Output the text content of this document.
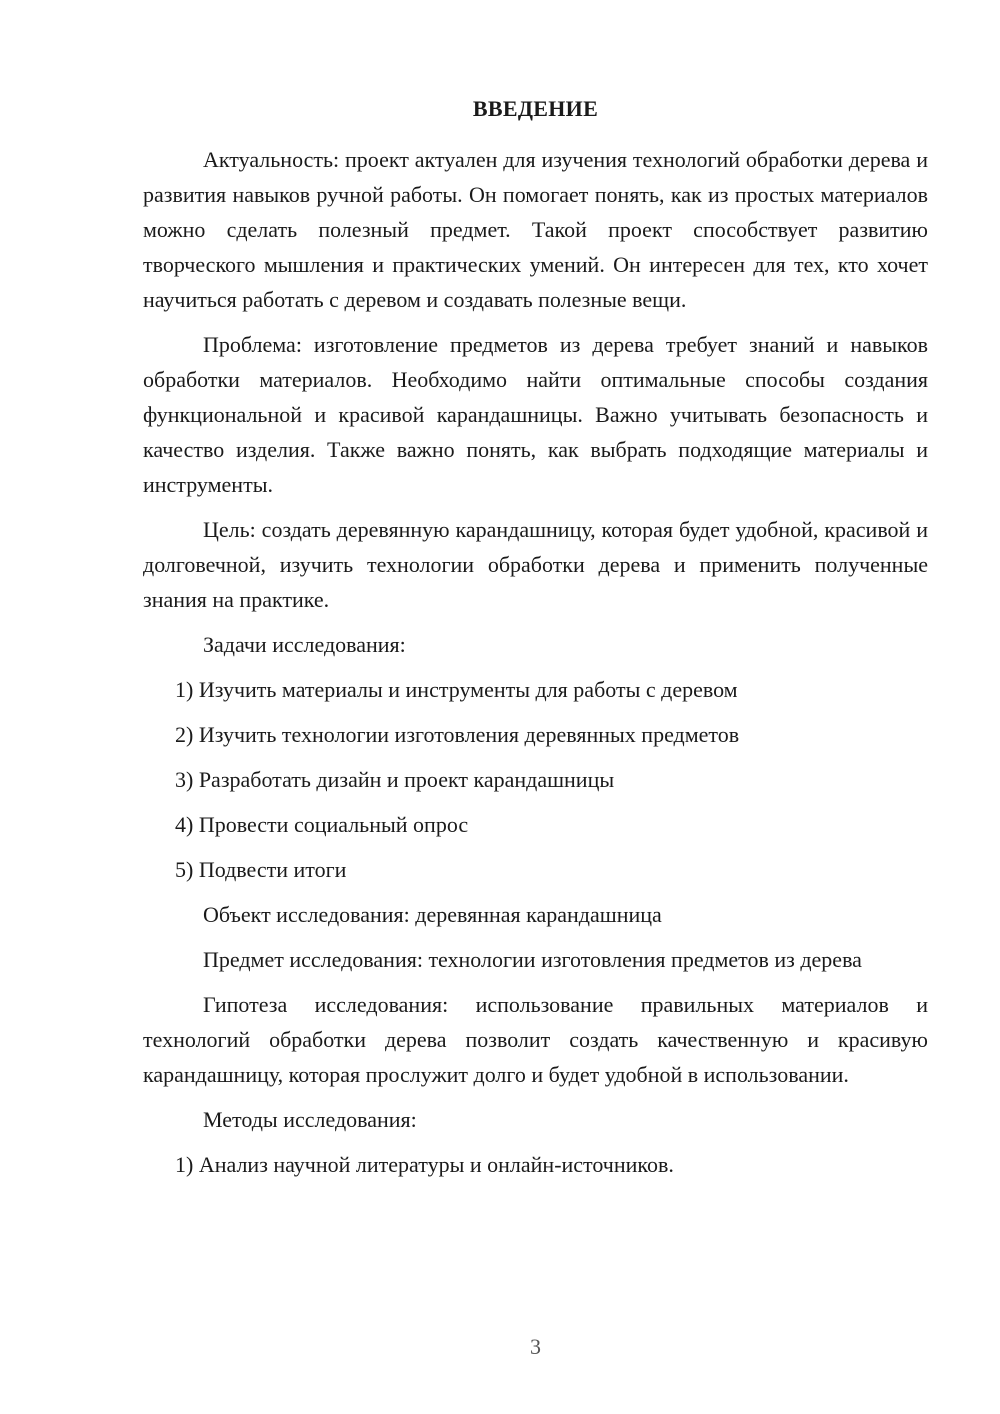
ВВЕДЕНИЕ

Актуальность: проект актуален для изучения технологий обработки дерева и развития навыков ручной работы. Он помогает понять, как из простых материалов можно сделать полезный предмет. Такой проект способствует развитию творческого мышления и практических умений. Он интересен для тех, кто хочет научиться работать с деревом и создавать полезные вещи.

Проблема: изготовление предметов из дерева требует знаний и навыков обработки материалов. Необходимо найти оптимальные способы создания функциональной и красивой карандашницы. Важно учитывать безопасность и качество изделия. Также важно понять, как выбрать подходящие материалы и инструменты.

Цель: создать деревянную карандашницу, которая будет удобной, красивой и долговечной, изучить технологии обработки дерева и применить полученные знания на практике.

Задачи исследования:

1) Изучить материалы и инструменты для работы с деревом

2) Изучить технологии изготовления деревянных предметов

3) Разработать дизайн и проект карандашницы

4) Провести социальный опрос

5) Подвести итоги

Объект исследования: деревянная карандашница

Предмет исследования: технологии изготовления предметов из дерева

Гипотеза исследования: использование правильных материалов и технологий обработки дерева позволит создать качественную и красивую карандашницу, которая прослужит долго и будет удобной в использовании.

Методы исследования:

1) Анализ научной литературы и онлайн-источников.

3
